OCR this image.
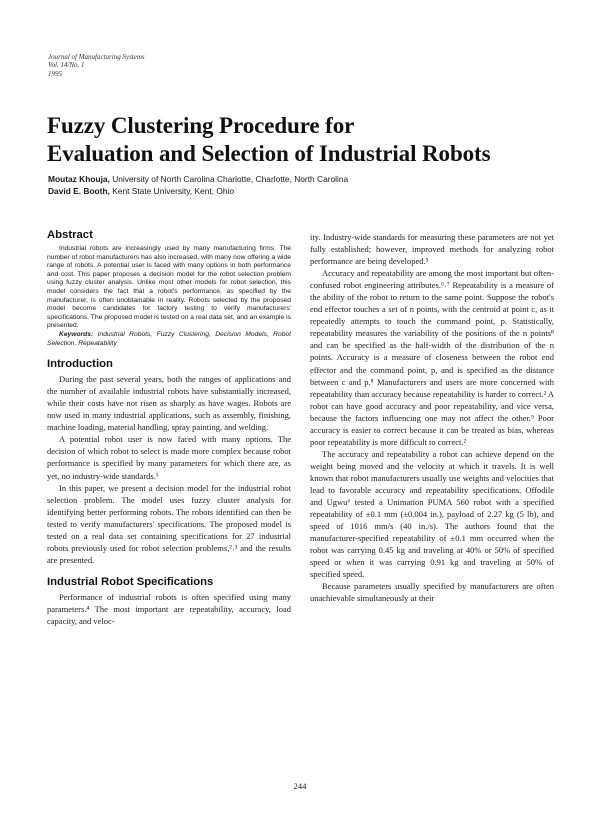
Journal of Manufacturing Systems
Vol. 14/No. 1
1995
Fuzzy Clustering Procedure for
Evaluation and Selection of Industrial Robots
Moutaz Khouja, University of North Carolina Charlotte, Charlotte, North Carolina
David E. Booth, Kent State University, Kent, Ohio
Abstract

Industrial robots are increasingly used by many manufacturing firms. The number of robot manufacturers has also increased, with many now offering a wide range of robots. A potential user is faced with many options in both performance and cost. This paper proposes a decision model for the robot selection problem using fuzzy cluster analysis. Unlike most other models for robot selection, this model considers the fact that a robot's performance, as specified by the manufacturer, is often unobtainable in reality. Robots selected by the proposed model become candidates for factory testing to verify manufacturers' specifications. The proposed model is tested on a real data set, and an example is presented.

Keywords: Industrial Robots, Fuzzy Clustering, Decision Models, Robot Selection, Repeatability

Introduction

During the past several years, both the ranges of applications and the number of available industrial robots have substantially increased, while their costs have not risen as sharply as have wages. Robots are now used in many industrial applications, such as assembly, finishing, machine loading, material handling, spray painting, and welding.

A potential robot user is now faced with many options. The decision of which robot to select is made more complex because robot performance is specified by many parameters for which there are, as yet, no industry-wide standards.¹

In this paper, we present a decision model for the industrial robot selection problem. The model uses fuzzy cluster analysis for identifying better performing robots. The robots identified can then be tested to verify manufacturers' specifications. The proposed model is tested on a real data set containing specifications for 27 industrial robots previously used for robot selection problems,²˒³ and the results are presented.

Industrial Robot Specifications

Performance of industrial robots is often specified using many parameters.⁴ The most important are repeatability, accuracy, load capacity, and veloc-

ity. Industry-wide standards for measuring these parameters are not yet fully established; however, improved methods for analyzing robot performance are being developed.⁵

Accuracy and repeatability are among the most important but often-confused robot engineering attributes.⁶˒⁷ Repeatability is a measure of the ability of the robot to return to the same point. Suppose the robot's end effector touches a set of n points, with the centroid at point c, as it repeatedly attempts to touch the command point, p. Statistically, repeatability measures the variability of the positions of the n points⁸ and can be specified as the half-width of the distribution of the n points. Accuracy is a measure of closeness between the robot end effector and the command point, p, and is specified as the distance between c and p.⁸ Manufacturers and users are more concerned with repeatability than accuracy because repeatability is harder to correct.² A robot can have good accuracy and poor repeatability, and vice versa, because the factors influencing one may not affect the other.⁹ Poor accuracy is easier to correct because it can be treated as bias, whereas poor repeatability is more difficult to correct.²

The accuracy and repeatability a robot can achieve depend on the weight being moved and the velocity at which it travels. It is well known that robot manufacturers usually use weights and velocities that lead to favorable accuracy and repeatability specifications. Offodile and Ugwu⁶ tested a Unimation PUMA 560 robot with a specified repeatability of ±0.1 mm (±0.004 in.), payload of 2.27 kg (5 lb), and speed of 1016 mm/s (40 in./s). The authors found that the manufacturer-specified repeatability of ±0.1 mm occurred when the robot was carrying 0.45 kg and traveling at 40% or 50% of specified speed or when it was carrying 0.91 kg and traveling at 50% of specified speed.

Because parameters usually specified by manufacturers are often unachievable simultaneously at their

244
